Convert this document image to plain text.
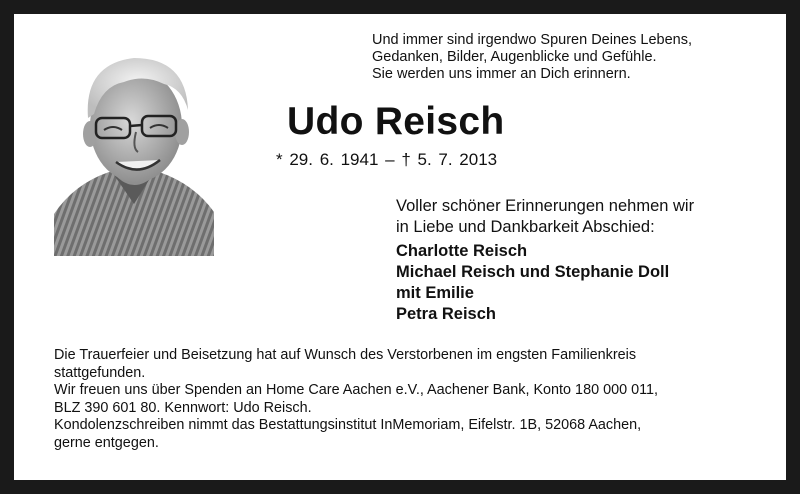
Und immer sind irgendwo Spuren Deines Lebens,
Gedanken, Bilder, Augenblicke und Gefühle.
Sie werden uns immer an Dich erinnern.
Udo Reisch
* 29. 6. 1941 – † 5. 7. 2013
Voller schöner Erinnerungen nehmen wir
in Liebe und Dankbarkeit Abschied:
Charlotte Reisch
Michael Reisch und Stephanie Doll
mit Emilie
Petra Reisch
Die Trauerfeier und Beisetzung hat auf Wunsch des Verstorbenen im engsten Familienkreis
stattgefunden.
Wir freuen uns über Spenden an Home Care Aachen e.V., Aachener Bank, Konto 180 000 011,
BLZ 390 601 80. Kennwort: Udo Reisch.
Kondolenzschreiben nimmt das Bestattungsinstitut InMemoriam, Eifelstr. 1B, 52068 Aachen,
gerne entgegen.
